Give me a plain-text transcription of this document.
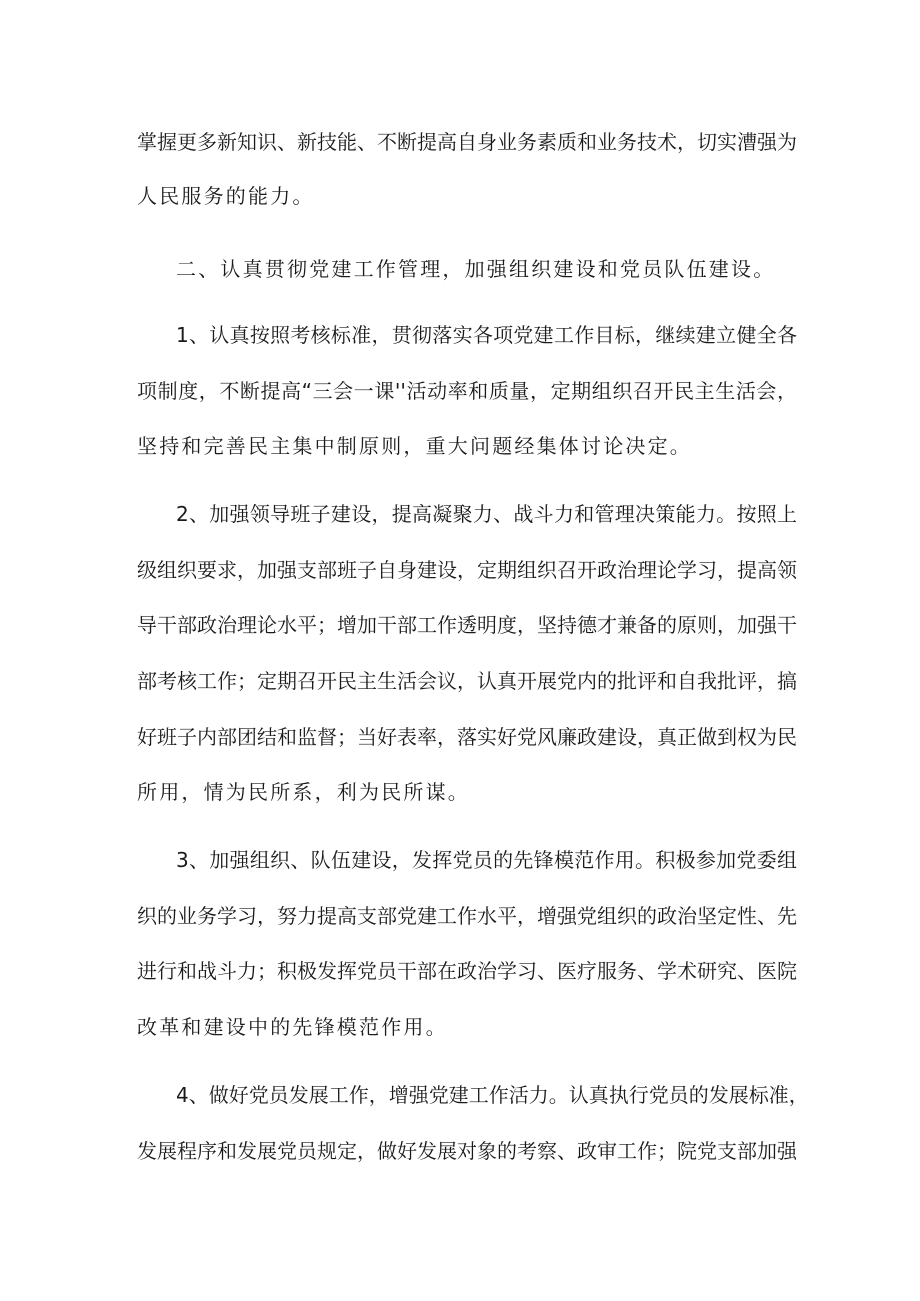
掌握更多新知识、新技能、不断提高自身业务素质和业务技术，切实漕强为
人民服务的能力。
二、认真贯彻党建工作管理，加强组织建设和党员队伍建设。
1、认真按照考核标准，贯彻落实各项党建工作目标，继续建立健全各
项制度，不断提高“三会一课''活动率和质量，定期组织召开民主生活会，
坚持和完善民主集中制原则，重大问题经集体讨论决定。
2、加强领导班子建设，提高凝聚力、战斗力和管理决策能力。按照上
级组织要求，加强支部班子自身建设，定期组织召开政治理论学习，提高领
导干部政治理论水平；增加干部工作透明度，坚持德才兼备的原则，加强干
部考核工作；定期召开民主生活会议，认真开展党内的批评和自我批评，搞
好班子内部团结和监督；当好表率，落实好党风廉政建设，真正做到权为民
所用，情为民所系，利为民所谋。
3、加强组织、队伍建设，发挥党员的先锋模范作用。积极参加党委组
织的业务学习，努力提高支部党建工作水平，增强党组织的政治坚定性、先
进行和战斗力；积极发挥党员干部在政治学习、医疗服务、学术研究、医院
改革和建设中的先锋模范作用。
4、做好党员发展工作，增强党建工作活力。认真执行党员的发展标准，
发展程序和发展党员规定，做好发展对象的考察、政审工作；院党支部加强
